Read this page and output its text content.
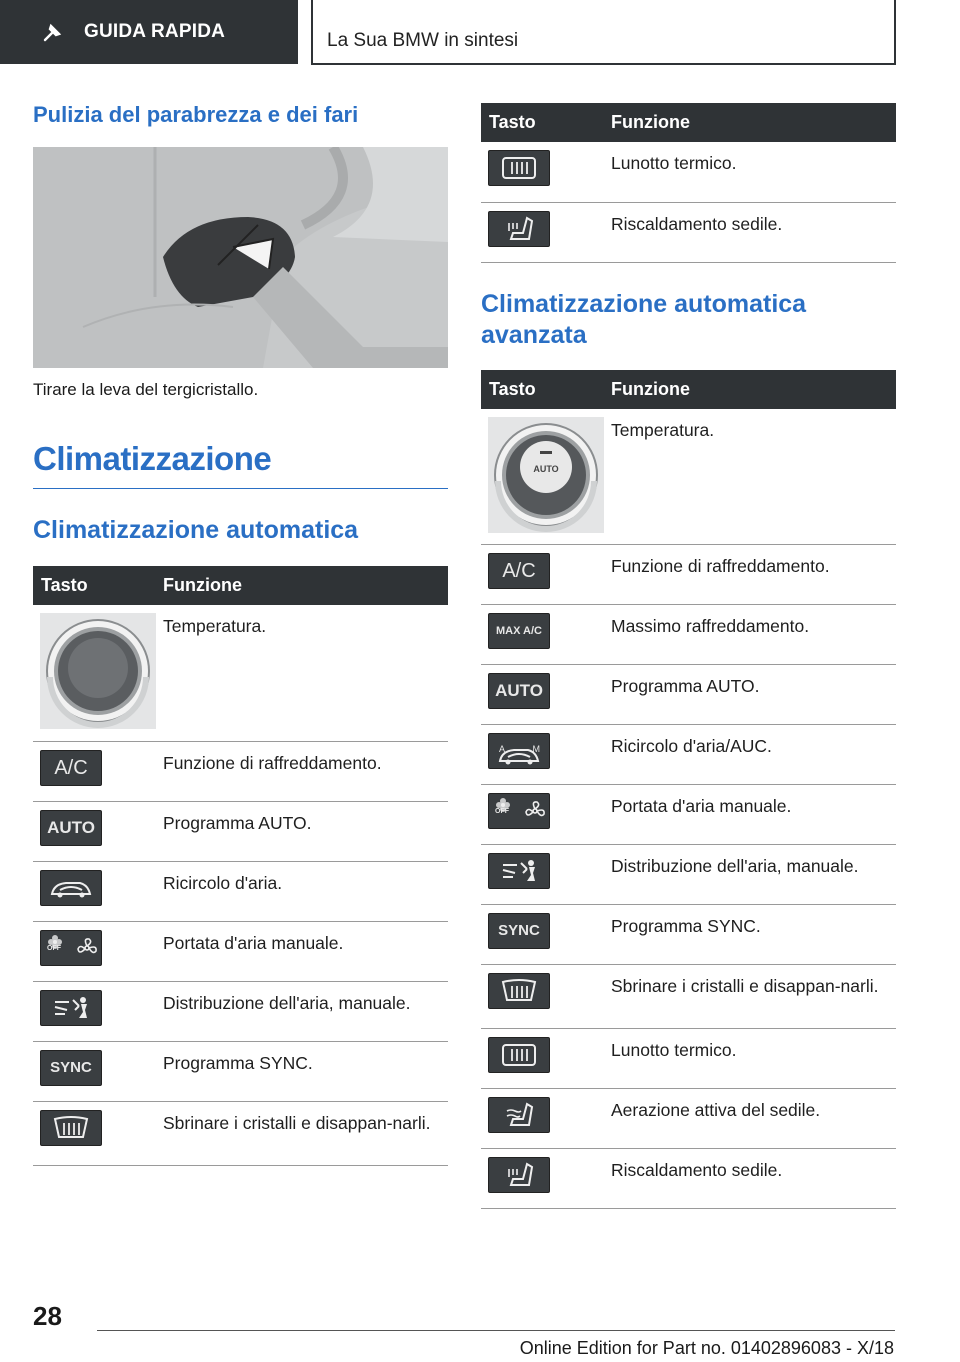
GUIDA RAPIDA	La Sua BMW in sintesi
Pulizia del parabrezza e dei fari

Tirare la leva del tergicristallo.

Climatizzazione
Climatizzazione automatica
Tasto	Funzione

	Temperatura.

A/C	Funzione di raffreddamento.

AUTO	Programma AUTO.

	Ricircolo d'aria.

OFF	Portata d'aria manuale.

	Distribuzione dell'aria, manuale.

SYNC	Programma SYNC.

	Sbrinare i cristalli e disappan-narli.
Tasto	Funzione

	Lunotto termico.

	Riscaldamento sedile.
Climatizzazione automatica avanzata
Tasto	Funzione

AUTO	Temperatura.

A/C	Funzione di raffreddamento.

MAX A/C	Massimo raffreddamento.

AUTO	Programma AUTO.

A M	Ricircolo d'aria/AUC.

OFF	Portata d'aria manuale.

	Distribuzione dell'aria, manuale.

SYNC	Programma SYNC.

	Sbrinare i cristalli e disappan-narli.

	Lunotto termico.

	Aerazione attiva del sedile.

	Riscaldamento sedile.
28
Online Edition for Part no. 01402896083 - X/18
